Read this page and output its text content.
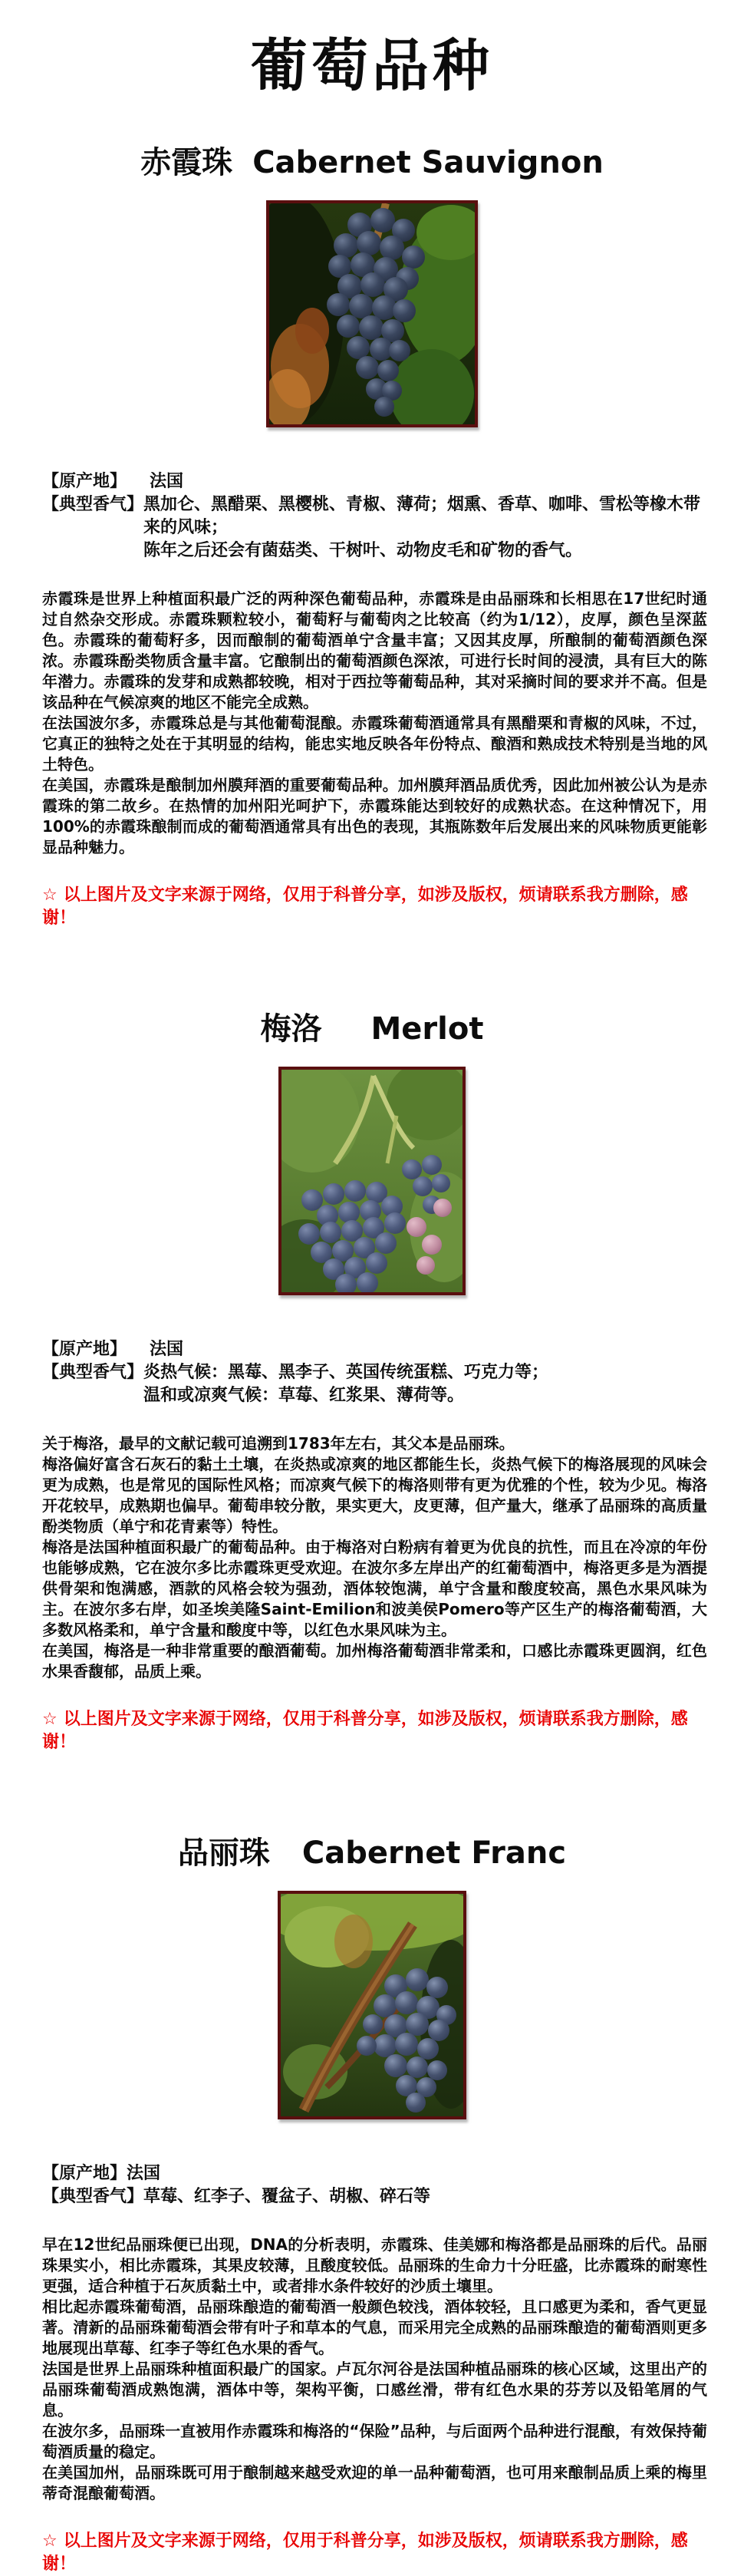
葡萄品种
赤霞珠 Cabernet Sauvignon
【原产地】 法国
【典型香气】 黑加仑、黑醋栗、黑樱桃、青椒、薄荷；烟熏、香草、咖啡、雪松等橡木带来的风味；
陈年之后还会有菌菇类、干树叶、动物皮毛和矿物的香气。

赤霞珠是世界上种植面积最广泛的两种深色葡萄品种，赤霞珠是由品丽珠和长相思在17世纪时通过自然杂交形成。赤霞珠颗粒较小，葡萄籽与葡萄肉之比较高（约为1/12），皮厚，颜色呈深蓝色。赤霞珠的葡萄籽多，因而酿制的葡萄酒单宁含量丰富；又因其皮厚，所酿制的葡萄酒颜色深浓。赤霞珠酚类物质含量丰富。它酿制出的葡萄酒颜色深浓，可进行长时间的浸渍，具有巨大的陈年潜力。赤霞珠的发芽和成熟都较晚，相对于西拉等葡萄品种，其对采摘时间的要求并不高。但是该品种在气候凉爽的地区不能完全成熟。

在法国波尔多，赤霞珠总是与其他葡萄混酿。赤霞珠葡萄酒通常具有黑醋栗和青椒的风味，不过，它真正的独特之处在于其明显的结构，能忠实地反映各年份特点、酿酒和熟成技术特别是当地的风土特色。

在美国，赤霞珠是酿制加州膜拜酒的重要葡萄品种。加州膜拜酒品质优秀，因此加州被公认为是赤霞珠的第二故乡。在热情的加州阳光呵护下，赤霞珠能达到较好的成熟状态。在这种情况下，用100%的赤霞珠酿制而成的葡萄酒通常具有出色的表现，其瓶陈数年后发展出来的风味物质更能彰显品种魅力。

☆ 以上图片及文字来源于网络，仅用于科普分享，如涉及版权，烦请联系我方删除，感谢！
梅洛 Merlot
【原产地】 法国
【典型香气】 炎热气候：黑莓、黑李子、英国传统蛋糕、巧克力等；
温和或凉爽气候：草莓、红浆果、薄荷等。

关于梅洛，最早的文献记载可追溯到1783年左右，其父本是品丽珠。

梅洛偏好富含石灰石的黏土土壤，在炎热或凉爽的地区都能生长，炎热气候下的梅洛展现的风味会更为成熟，也是常见的国际性风格；而凉爽气候下的梅洛则带有更为优雅的个性，较为少见。梅洛开花较早，成熟期也偏早。葡萄串较分散，果实更大，皮更薄，但产量大，继承了品丽珠的高质量酚类物质（单宁和花青素等）特性。

梅洛是法国种植面积最广的葡萄品种。由于梅洛对白粉病有着更为优良的抗性，而且在冷凉的年份也能够成熟，它在波尔多比赤霞珠更受欢迎。在波尔多左岸出产的红葡萄酒中，梅洛更多是为酒提供骨架和饱满感，酒款的风格会较为强劲，酒体较饱满，单宁含量和酸度较高，黑色水果风味为主。在波尔多右岸，如圣埃美隆Saint-Emilion和波美侯Pomero等产区生产的梅洛葡萄酒，大多数风格柔和，单宁含量和酸度中等，以红色水果风味为主。

在美国，梅洛是一种非常重要的酿酒葡萄。加州梅洛葡萄酒非常柔和，口感比赤霞珠更圆润，红色水果香馥郁，品质上乘。

☆ 以上图片及文字来源于网络，仅用于科普分享，如涉及版权，烦请联系我方删除，感谢！
品丽珠 Cabernet Franc
【原产地】 法国
【典型香气】 草莓、红李子、覆盆子、胡椒、碎石等

早在12世纪品丽珠便已出现，DNA的分析表明，赤霞珠、佳美娜和梅洛都是品丽珠的后代。品丽珠果实小，相比赤霞珠，其果皮较薄，且酸度较低。品丽珠的生命力十分旺盛，比赤霞珠的耐寒性更强，适合种植于石灰质黏土中，或者排水条件较好的沙质土壤里。

相比起赤霞珠葡萄酒，品丽珠酿造的葡萄酒一般颜色较浅，酒体较轻，且口感更为柔和，香气更显著。清新的品丽珠葡萄酒会带有叶子和草本的气息，而采用完全成熟的品丽珠酿造的葡萄酒则更多地展现出草莓、红李子等红色水果的香气。

法国是世界上品丽珠种植面积最广的国家。卢瓦尔河谷是法国种植品丽珠的核心区域，这里出产的品丽珠葡萄酒成熟饱满，酒体中等，架构平衡，口感丝滑，带有红色水果的芬芳以及铅笔屑的气息。

在波尔多，品丽珠一直被用作赤霞珠和梅洛的“保险”品种，与后面两个品种进行混酿，有效保持葡萄酒质量的稳定。

在美国加州，品丽珠既可用于酿制越来越受欢迎的单一品种葡萄酒，也可用来酿制品质上乘的梅里蒂奇混酿葡萄酒。

☆ 以上图片及文字来源于网络，仅用于科普分享，如涉及版权，烦请联系我方删除，感谢！
